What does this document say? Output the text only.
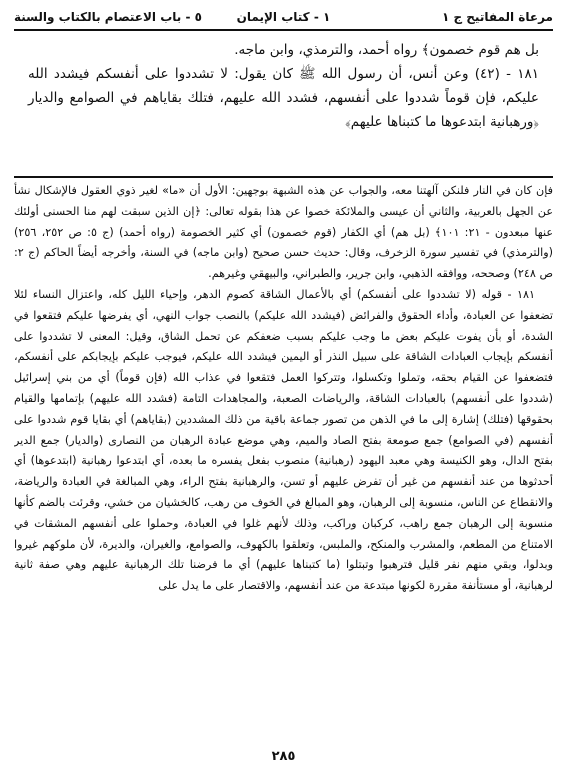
مرعاة المفاتيح ج ١
١ - كتاب الإيمان
٥ - باب الاعتصام بالكتاب والسنة

بل هم قوم خصمون﴾ رواه أحمد، والترمذي، وابن ماجه.

١٨١ - (٤٢) وعن أنس، أن رسول الله ﷺ كان يقول: لا تشددوا على أنفسكم فيشدد الله عليكم، فإن قوماً شددوا على أنفسهم، فشدد الله عليهم، فتلك بقاياهم في الصوامع والديار ﴿ورهبانية ابتدعوها ما كتبناها عليهم﴾

فإن كان في النار فلنكن آلهتنا معه، والجواب عن هذه الشبهة بوجهين: الأول أن «ما» لغير ذوي العقول فالإشكال نشأ عن الجهل بالعربية، والثاني أن عيسى والملائكة خصوا عن هذا بقوله تعالى: ﴿إن الذين سبقت لهم منا الحسنى أولئك عنها مبعدون - ٢١: ١٠١﴾ (بل هم) أي الكفار (قوم خصمون) أي كثير الخصومة (رواه أحمد) (ج ٥: ص ٢٥٢، ٢٥٦) (والترمذي) في تفسير سورة الزخرف، وقال: حديث حسن صحيح (وابن ماجه) في السنة، وأخرجه أيضاً الحاكم (ج ٢: ص ٢٤٨) وصححه، ووافقه الذهبي، وابن جرير، والطبراني، والبيهقي وغيرهم.

١٨١ - قوله (لا تشددوا على أنفسكم) أي بالأعمال الشاقة كصوم الدهر، وإحياء الليل كله، واعتزال النساء لئلا تضعفوا عن العبادة، وأداء الحقوق والفرائض (فيشدد الله عليكم) بالنصب جواب النهي، أي يفرضها عليكم فتقعوا في الشدة، أو بأن يفوت عليكم بعض ما وجب عليكم بسبب ضعفكم عن تحمل الشاق، وقيل: المعنى لا تشددوا على أنفسكم بإيجاب العبادات الشاقة على سبيل النذر أو اليمين فيشدد الله عليكم، فيوجب عليكم بإيجابكم على أنفسكم، فتضعفوا عن القيام بحقه، وتملوا وتكسلوا، وتتركوا العمل فتقعوا في عذاب الله (فإن قوماً) أي من بني إسرائيل (شددوا على أنفسهم) بالعبادات الشاقة، والرياضات الصعبة، والمجاهدات التامة (فشدد الله عليهم) بإتمامها والقيام بحقوقها (فتلك) إشارة إلى ما في الذهن من تصور جماعة باقية من ذلك المشددين (بقاياهم) أي بقايا قوم شددوا على أنفسهم (في الصوامع) جمع صومعة بفتح الصاد والميم، وهي موضع عبادة الرهبان من النصارى (والديار) جمع الدير بفتح الدال، وهو الكنيسة وهي معبد اليهود (رهبانية) منصوب بفعل يفسره ما بعده، أي ابتدعوا رهبانية (ابتدعوها) أي أحدثوها من عند أنفسهم من غير أن تفرض عليهم أو تسن، والرهبانية بفتح الراء، وهي المبالغة في العبادة والرياضة، والانقطاع عن الناس، منسوبة إلى الرهبان، وهو المبالغ في الخوف من رهب، كالخشيان من خشي، وقرئت بالضم كأنها منسوبة إلى الرهبان جمع راهب، كركبان وراكب، وذلك لأنهم غلوا في العبادة، وحملوا على أنفسهم المشقات في الامتناع من المطعم، والمشرب والمنكح، والملبس، وتعلقوا بالكهوف، والصوامع، والغيران، والديرة، لأن ملوكهم غيروا وبدلوا، وبقي منهم نفر قليل فترهبوا وتبتلوا (ما كتبناها عليهم) أي ما فرضنا تلك الرهبانية عليهم وهي صفة ثانية لرهبانية، أو مستأنفة مقررة لكونها مبتدعة من عند أنفسهم، والاقتصار على ما يدل على

٢٨٥
